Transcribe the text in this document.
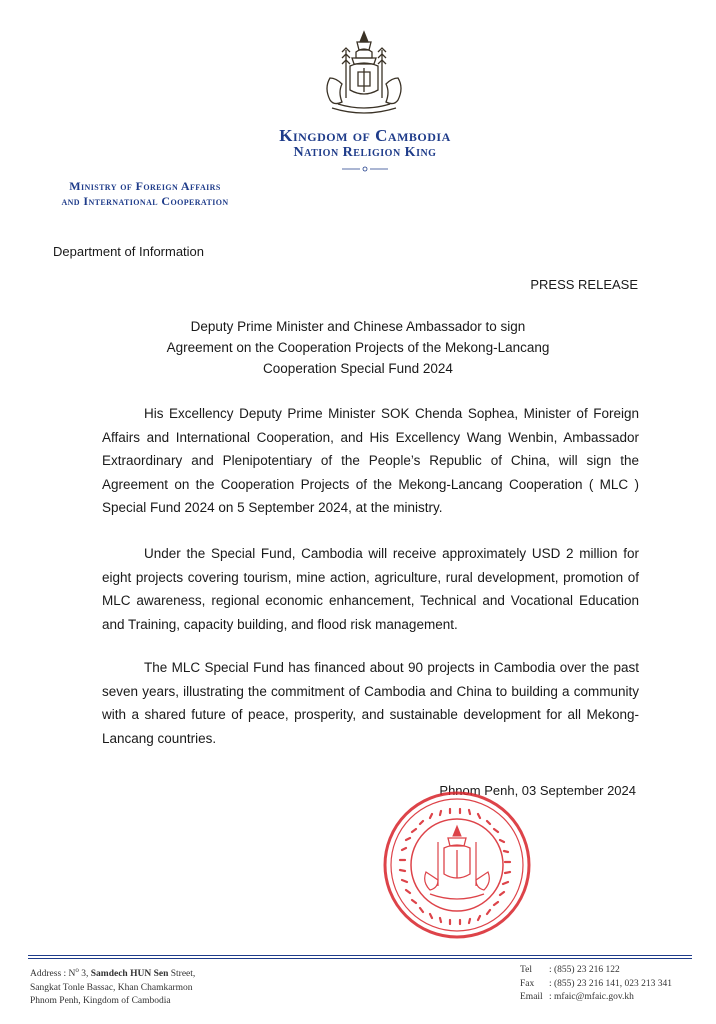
Kingdom of Cambodia
Nation Religion King
Ministry of Foreign Affairs
and International Cooperation
Department of Information
PRESS RELEASE
Deputy Prime Minister and Chinese Ambassador to sign
Agreement on the Cooperation Projects of the Mekong-Lancang
Cooperation Special Fund 2024
His Excellency Deputy Prime Minister SOK Chenda Sophea, Minister of Foreign Affairs and International Cooperation, and His Excellency Wang Wenbin, Ambassador Extraordinary and Plenipotentiary of the People’s Republic of China, will sign the Agreement on the Cooperation Projects of the Mekong-Lancang Cooperation ( MLC ) Special Fund 2024 on 5 September 2024, at the ministry.
Under the Special Fund, Cambodia will receive approximately USD 2 million for eight projects covering tourism, mine action, agriculture, rural development, promotion of MLC awareness, regional economic enhancement, Technical and Vocational Education and Training, capacity building, and flood risk management.
The MLC Special Fund has financed about 90 projects in Cambodia over the past seven years, illustrating the commitment of Cambodia and China to building a community with a shared future of peace, prosperity, and sustainable development for all Mekong-Lancang countries.
Phnom Penh, 03 September 2024
Address : $N^o$ 3, Samdech HUN Sen Street,
Sangkat Tonle Bassac, Khan Chamkarmon
Phnom Penh, Kingdom of Cambodia
Tel	: (855) 23 216 122
Fax	: (855) 23 216 141, 023 213 341
Email : mfaic@mfaic.gov.kh
